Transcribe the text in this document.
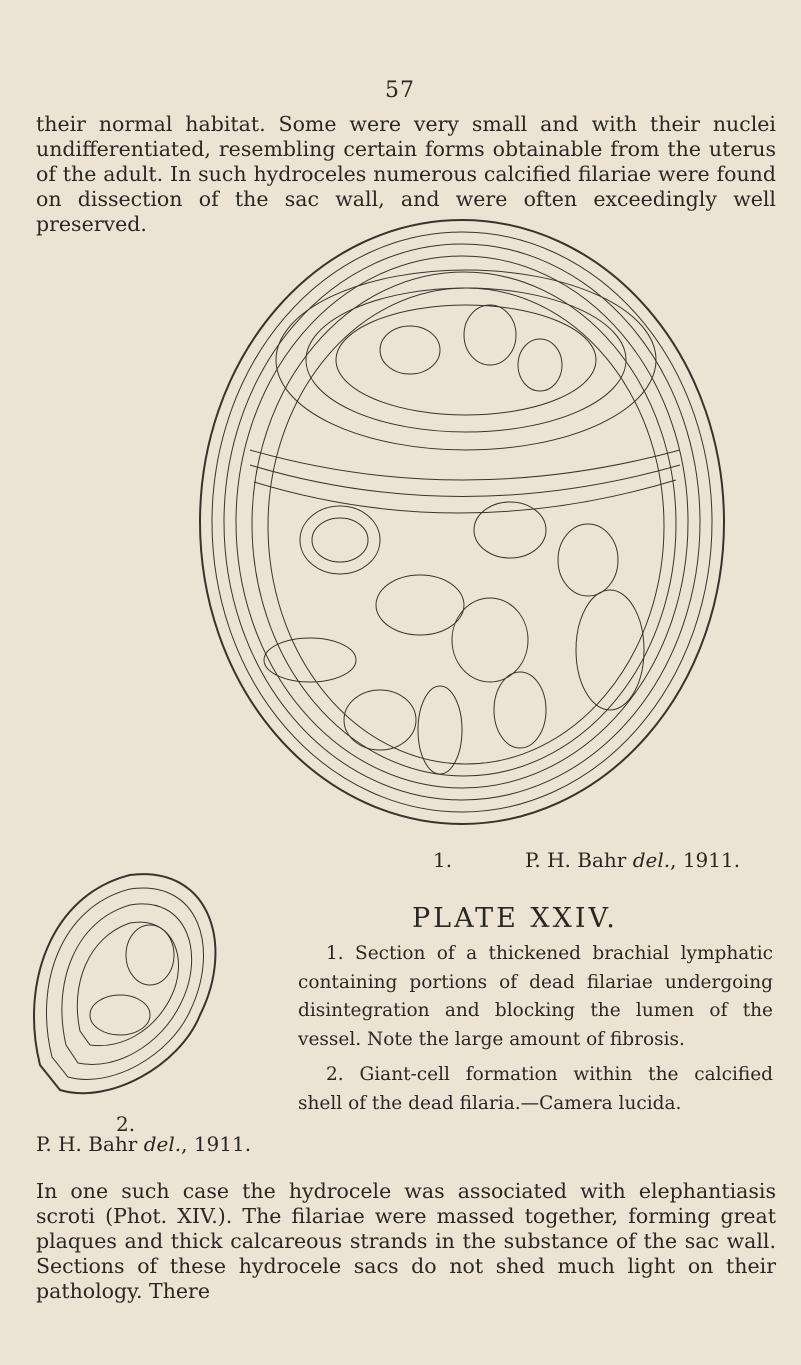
57

their normal habitat. Some were very small and with their nuclei undifferentiated, resembling certain forms obtainable from the uterus of the adult. In such hydroceles numerous calcified filariae were found on dissection of the sac wall, and were often exceedingly well preserved.

1.	P. H. Bahr del., 1911.
2.
P. H. Bahr del., 1911.
PLATE XXIV.

1. Section of a thickened brachial lymphatic containing portions of dead filariae undergoing disintegration and blocking the lumen of the vessel. Note the large amount of fibrosis.

2. Giant-cell formation within the calcified shell of the dead filaria.—Camera lucida.

In one such case the hydrocele was associated with elephantiasis scroti (Phot. XIV.). The filariae were massed together, forming great plaques and thick calcareous strands in the substance of the sac wall. Sections of these hydrocele sacs do not shed much light on their pathology. There
